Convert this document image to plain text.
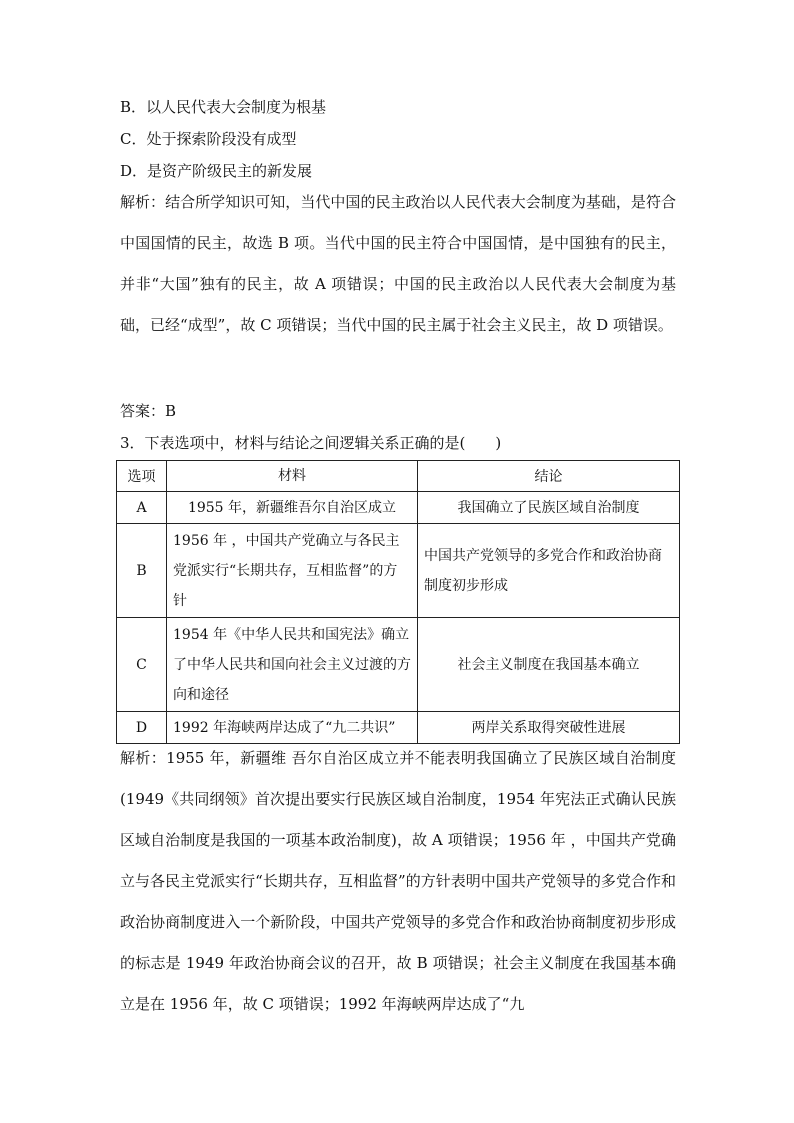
B．以人民代表大会制度为根基
C．处于探索阶段没有成型
D．是资产阶级民主的新发展

解析：结合所学知识可知，当代中国的民主政治以人民代表大会制度为基础，是符合中国国情的民主，故选 B 项。当代中国的民主符合中国国情，是中国独有的民主，并非“大国”独有的民主，故 A 项错误；中国的民主政治以人民代表大会制度为基础，已经“成型”，故 C 项错误；当代中国的民主属于社会主义民主，故 D 项错误。

答案：B
3．下表选项中，材料与结论之间逻辑关系正确的是(　　)
选项	材料	结论
A	1955 年，新疆维吾尔自治区成立	我国确立了民族区域自治制度
B	1956 年 ，中国共产党确立与各民主党派实行“长期共存，互相监督”的方针	中国共产党领导的多党合作和政治协商制度初步形成
C	1954 年《中华人民共和国宪法》确立了中华人民共和国向社会主义过渡的方向和途径	社会主义制度在我国基本确立
D	1992 年海峡两岸达成了“九二共识”	两岸关系取得突破性进展

解析：1955 年，新疆维 吾尔自治区成立并不能表明我国确立了民族区域自治制度(1949《共同纲领》首次提出要实行民族区域自治制度，1954 年宪法正式确认民族区域自治制度是我国的一项基本政治制度)，故 A 项错误；1956 年 ，中国共产党确立与各民主党派实行“长期共存，互相监督”的方针表明中国共产党领导的多党合作和政治协商制度进入一个新阶段，中国共产党领导的多党合作和政治协商制度初步形成的标志是 1949 年政治协商会议的召开，故 B 项错误；社会主义制度在我国基本确立是在 1956 年，故 C 项错误；1992 年海峡两岸达成了“九
